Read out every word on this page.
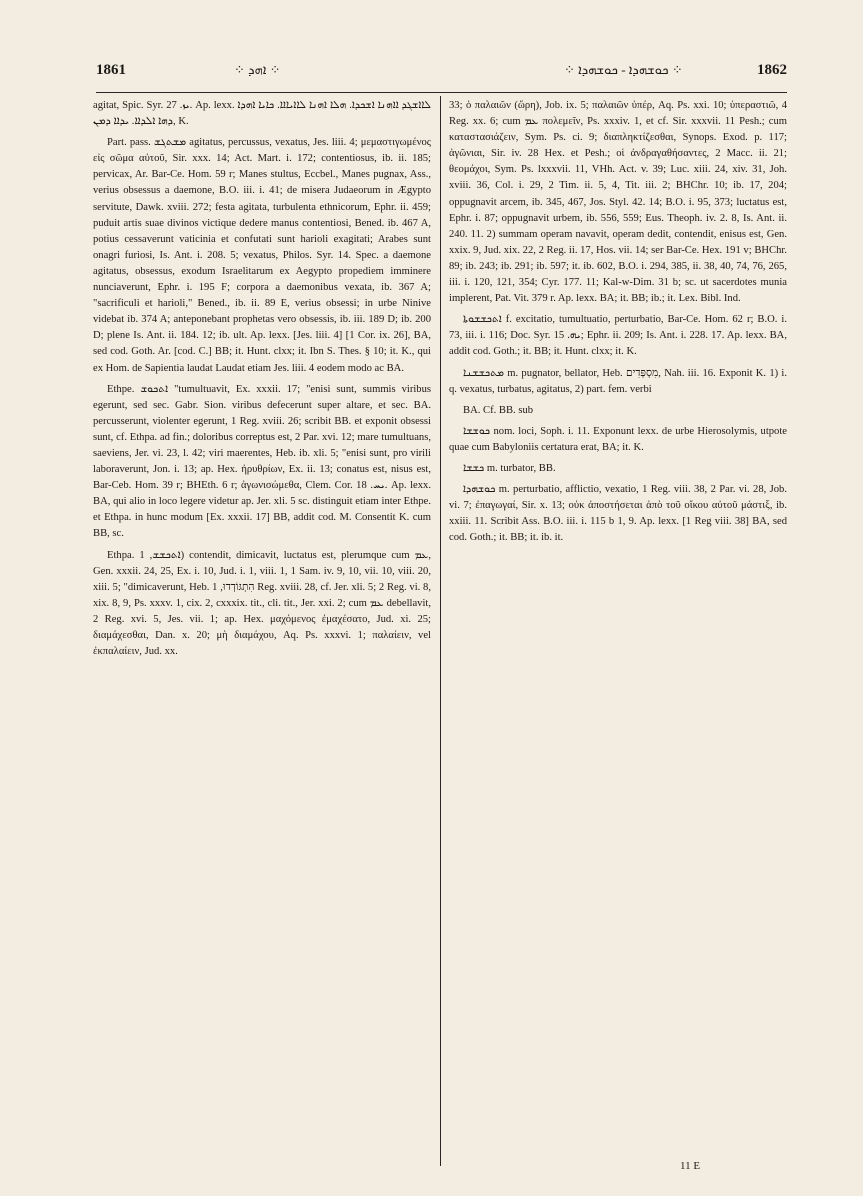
1861	⁘ ܐܗܕ ⁘	⁘ ܟܘܫܗܕܐ - ܟܘܫܗܕܐ ⁘	1862

agitat, Spic. Syr. ܝܙ. 27. Ap. lexx. ܠܐܐܫܓܕ ܐܐܗܢܐ ܐܫܟܕܐ. ܗܠܐ ܐܗܢܐ ܠܐܐܝܐܐܐ. ܟܐܝܐ ܐܗܕܐ ܕܗܐ ܐܠܕܐܐ. ܝܕܐܐ ܕܡܢ, K.

Part. pass. ܡܫܬܓܫ agitatus, percussus, vexatus, Jes. liii. 4; μεμαστιγωμένος εἰς σῶμα αὐτοῦ, Sir. xxx. 14; Act. Mart. i. 172; contentiosus, ib. ii. 185; pervicax, Ar. Bar-Ce. Hom. 59 r; Manes stultus, Eccbel., Manes pugnax, Ass., verius obsessus a daemone, B.O. iii. i. 41; de misera Judaeorum in Ægypto servitute, Dawk. xviii. 272; festa agitata, turbulenta ethnicorum, Ephr. ii. 459; puduit artis suae divinos victique dedere manus contentiosi, Bened. ib. 467 A, potius cessaverunt vaticinia et confutati sunt harioli exagitati; Arabes sunt onagri furiosi, Is. Ant. i. 208. 5; vexatus, Philos. Syr. 14. Spec. a daemone agitatus, obsessus, exodum Israelitarum ex Aegypto propediem imminere nunciaverunt, Ephr. i. 195 F; corpora a daemonibus vexata, ib. 367 A; "sacrificuli et harioli," Bened., ib. ii. 89 E, verius obsessi; in urbe Ninive videbat ib. 374 A; anteponebant prophetas vero obsessis, ib. iii. 189 D; ib. 200 D; plene Is. Ant. ii. 184. 12; ib. ult. Ap. lexx. [Jes. liii. 4] [1 Cor. ix. 26], BA, sed cod. Goth. Ar. [cod. C.] BB; it. Hunt. clxx; it. Ibn S. Thes. § 10; it. K., qui ex Hom. de Sapientia laudat Laudat etiam Jes. liii. 4 eodem modo ac BA.

Ethpe. ܐܬܟܘܫ "tumultuavit, Ex. xxxii. 17; "enisi sunt, summis viribus egerunt, sed sec. Gabr. Sion. viribus defecerunt super altare, et sec. BA. percusserunt, violenter egerunt, 1 Reg. xviii. 26; scribit BB. et exponit obsessi sunt, cf. Ethpa. ad fin.; doloribus correptus est, 2 Par. xvi. 12; mare tumultuans, saeviens, Jer. vi. 23, l. 42; viri maerentes, Heb. ib. xli. 5; "enisi sunt, pro virili laboraverunt, Jon. i. 13; ap. Hex. ἠρυθρίων, Ex. ii. 13; conatus est, nisus est, Bar-Ceb. Hom. 39 r; BHEth. 6 r; ἀγωνισώμεθα, Clem. Cor. ܝܚ. 18. Ap. lexx. BA, qui alio in loco legere videtur ap. Jer. xli. 5 sc. distinguit etiam inter Ethpe. et Ethpa. in hunc modum [Ex. xxxii. 17] BB, addit cod. M. Consentit K. cum BB, sc.

Ethpa. ܐܬܟܫܫ, 1) contendit, dimicavit, luctatus est, plerumque cum ܥܡ, Gen. xxxii. 24, 25, Ex. i. 10, Jud. i. 1, viii. 1, 1 Sam. iv. 9, 10, vii. 10, viii. 20, xiii. 5; "dimicaverunt, Heb. הִתְגּוֹדְדוּ, 1 Reg. xviii. 28, cf. Jer. xli. 5; 2 Reg. vi. 8, xix. 8, 9, Ps. xxxv. 1, cix. 2, cxxxix. tit., cli. tit., Jer. xxi. 2; cum ܥܡ debellavit, 2 Reg. xvi. 5, Jes. vii. 1; ap. Hex. μαχόμενος ἐμαχέσατο, Jud. xi. 25; διαμάχεσθαι, Dan. x. 20; μὴ διαμάχου, Aq. Ps. xxxvi. 1; παλαίειν, vel ἐκπαλαίειν, Jud. xx.

33; ὁ παλαιῶν (ὥρη), Job. ix. 5; παλαιῶν ὑπέρ, Aq. Ps. xxi. 10; ὑπεραστιῶ, 4 Reg. xx. 6; cum ܥܡ πολεμεῖν, Ps. xxxiv. 1, et cf. Sir. xxxvii. 11 Pesh.; cum καταστασιάζειν, Sym. Ps. ci. 9; διαπληκτίζεσθαι, Synops. Exod. p. 117; ἀγῶνιαι, Sir. iv. 28 Hex. et Pesh.; οἱ ἀνδραγαθήσαντες, 2 Macc. ii. 21; θεομάχοι, Sym. Ps. lxxxvii. 11, VHh. Act. v. 39; Luc. xiii. 24, xiv. 31, Joh. xviii. 36, Col. i. 29, 2 Tim. ii. 5, 4, Tit. iii. 2; BHChr. 10; ib. 17, 204; oppugnavit arcem, ib. 345, 467, Jos. Styl. 42. 14; B.O. i. 95, 373; luctatus est, Ephr. i. 87; oppugnavit urbem, ib. 556, 559; Eus. Theoph. iv. 2. 8, Is. Ant. ii. 240. 11. 2) summam operam navavit, operam dedit, contendit, enisus est, Gen. xxix. 9, Jud. xix. 22, 2 Reg. ii. 17, Hos. vii. 14; ser Bar-Ce. Hex. 191 v; BHChr. 89; ib. 243; ib. 291; ib. 597; it. ib. 602, B.O. i. 294, 385, ii. 38, 40, 74, 76, 265, iii. i. 120, 121, 354; Cyr. 177. 11; Kal-w-Dim. 31 b; sc. ut sacerdotes munia implerent, Pat. Vit. 379 r. Ap. lexx. BA; it. BB; ib.; it. Lex. Bibl. Ind.

ܐܬܟܫܫܘܬܐ f. excitatio, tumultuatio, perturbatio, Bar-Ce. Hom. 62 r; B.O. i. 73, iii. i. 116; Doc. Syr. ܝܗ. 15; Ephr. ii. 209; Is. Ant. i. 228. 17. Ap. lexx. BA, addit cod. Goth.; it. BB; it. Hunt. clxx; it. K.

ܡܬܟܫܫܢܐ m. pugnator, bellator, Heb. מִסְפְּדִים, Nah. iii. 16. Exponit K. 1) i. q. vexatus, turbatus, agitatus, 2) part. fem. verbi

BA. Cf. BB. sub

ܟܘܫܫܐ nom. loci, Soph. i. 11. Exponunt lexx. de urbe Hierosolymis, utpote quae cum Babyloniis certatura erat, BA; it. K.

ܟܫܫܐ m. turbator, BB.

ܟܘܫܗܕܐ m. perturbatio, afflictio, vexatio, 1 Reg. viii. 38, 2 Par. vi. 28, Job. vi. 7; ἐπαγωγαί, Sir. x. 13; οὐκ ἀποστήσεται ἀπὸ τοῦ οἴκου αὐτοῦ μάστιξ, ib. xxiii. 11. Scribit Ass. B.O. iii. i. 115 b 1, 9. Ap. lexx. [1 Reg viii. 38] BA, sed cod. Goth.; it. BB; it. ib. it.

11 E
